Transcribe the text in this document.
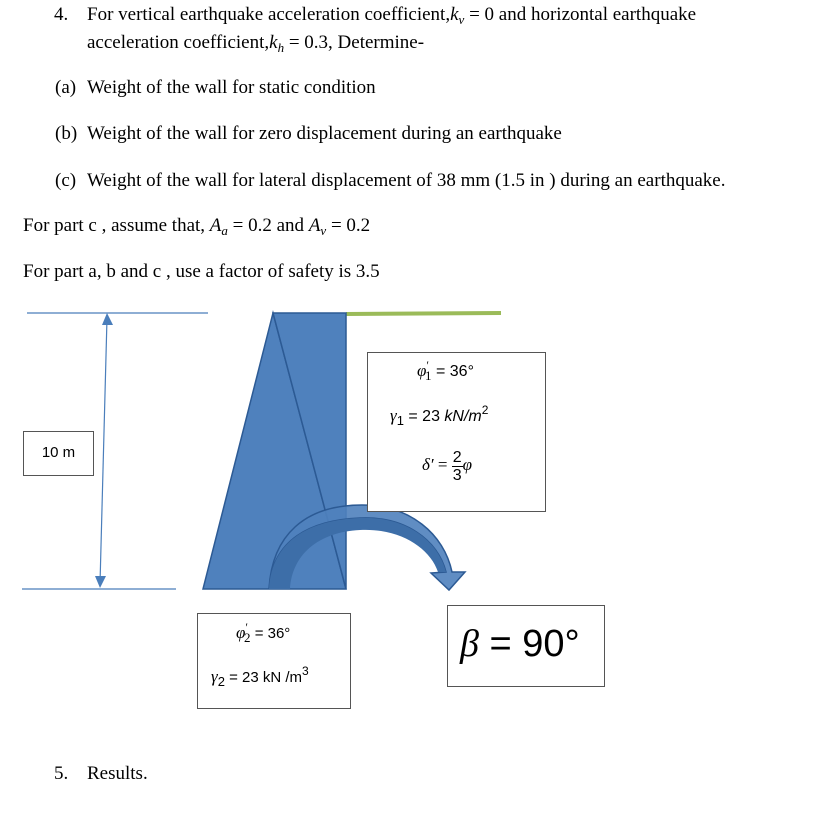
4. For vertical earthquake acceleration $coefficient,k_v = 0$ and horizontal earthquake
acceleration $coefficient,k_h = 0.3$, Determine-
(a) Weight of the wall for static condition
(b) Weight of the wall for zero displacement during an earthquake
(c) Weight of the wall for lateral displacement of 38 mm (1.5 in ) during an earthquake.
For part c , assume that, $A_a = 0.2$ and $A_v = 0.2$
For part a, b and c , use a factor of safety is 3.5
10 m
$\varphi'_1 = 36^\circ$
$\gamma_1 = 23$ $kN/m^2$
$\delta' = \frac{2}{3}$ φ
$\varphi'_2 = 36^\circ$
$\gamma_2 = 23$ kN $/m^3$
β = 90°
5. Results.
